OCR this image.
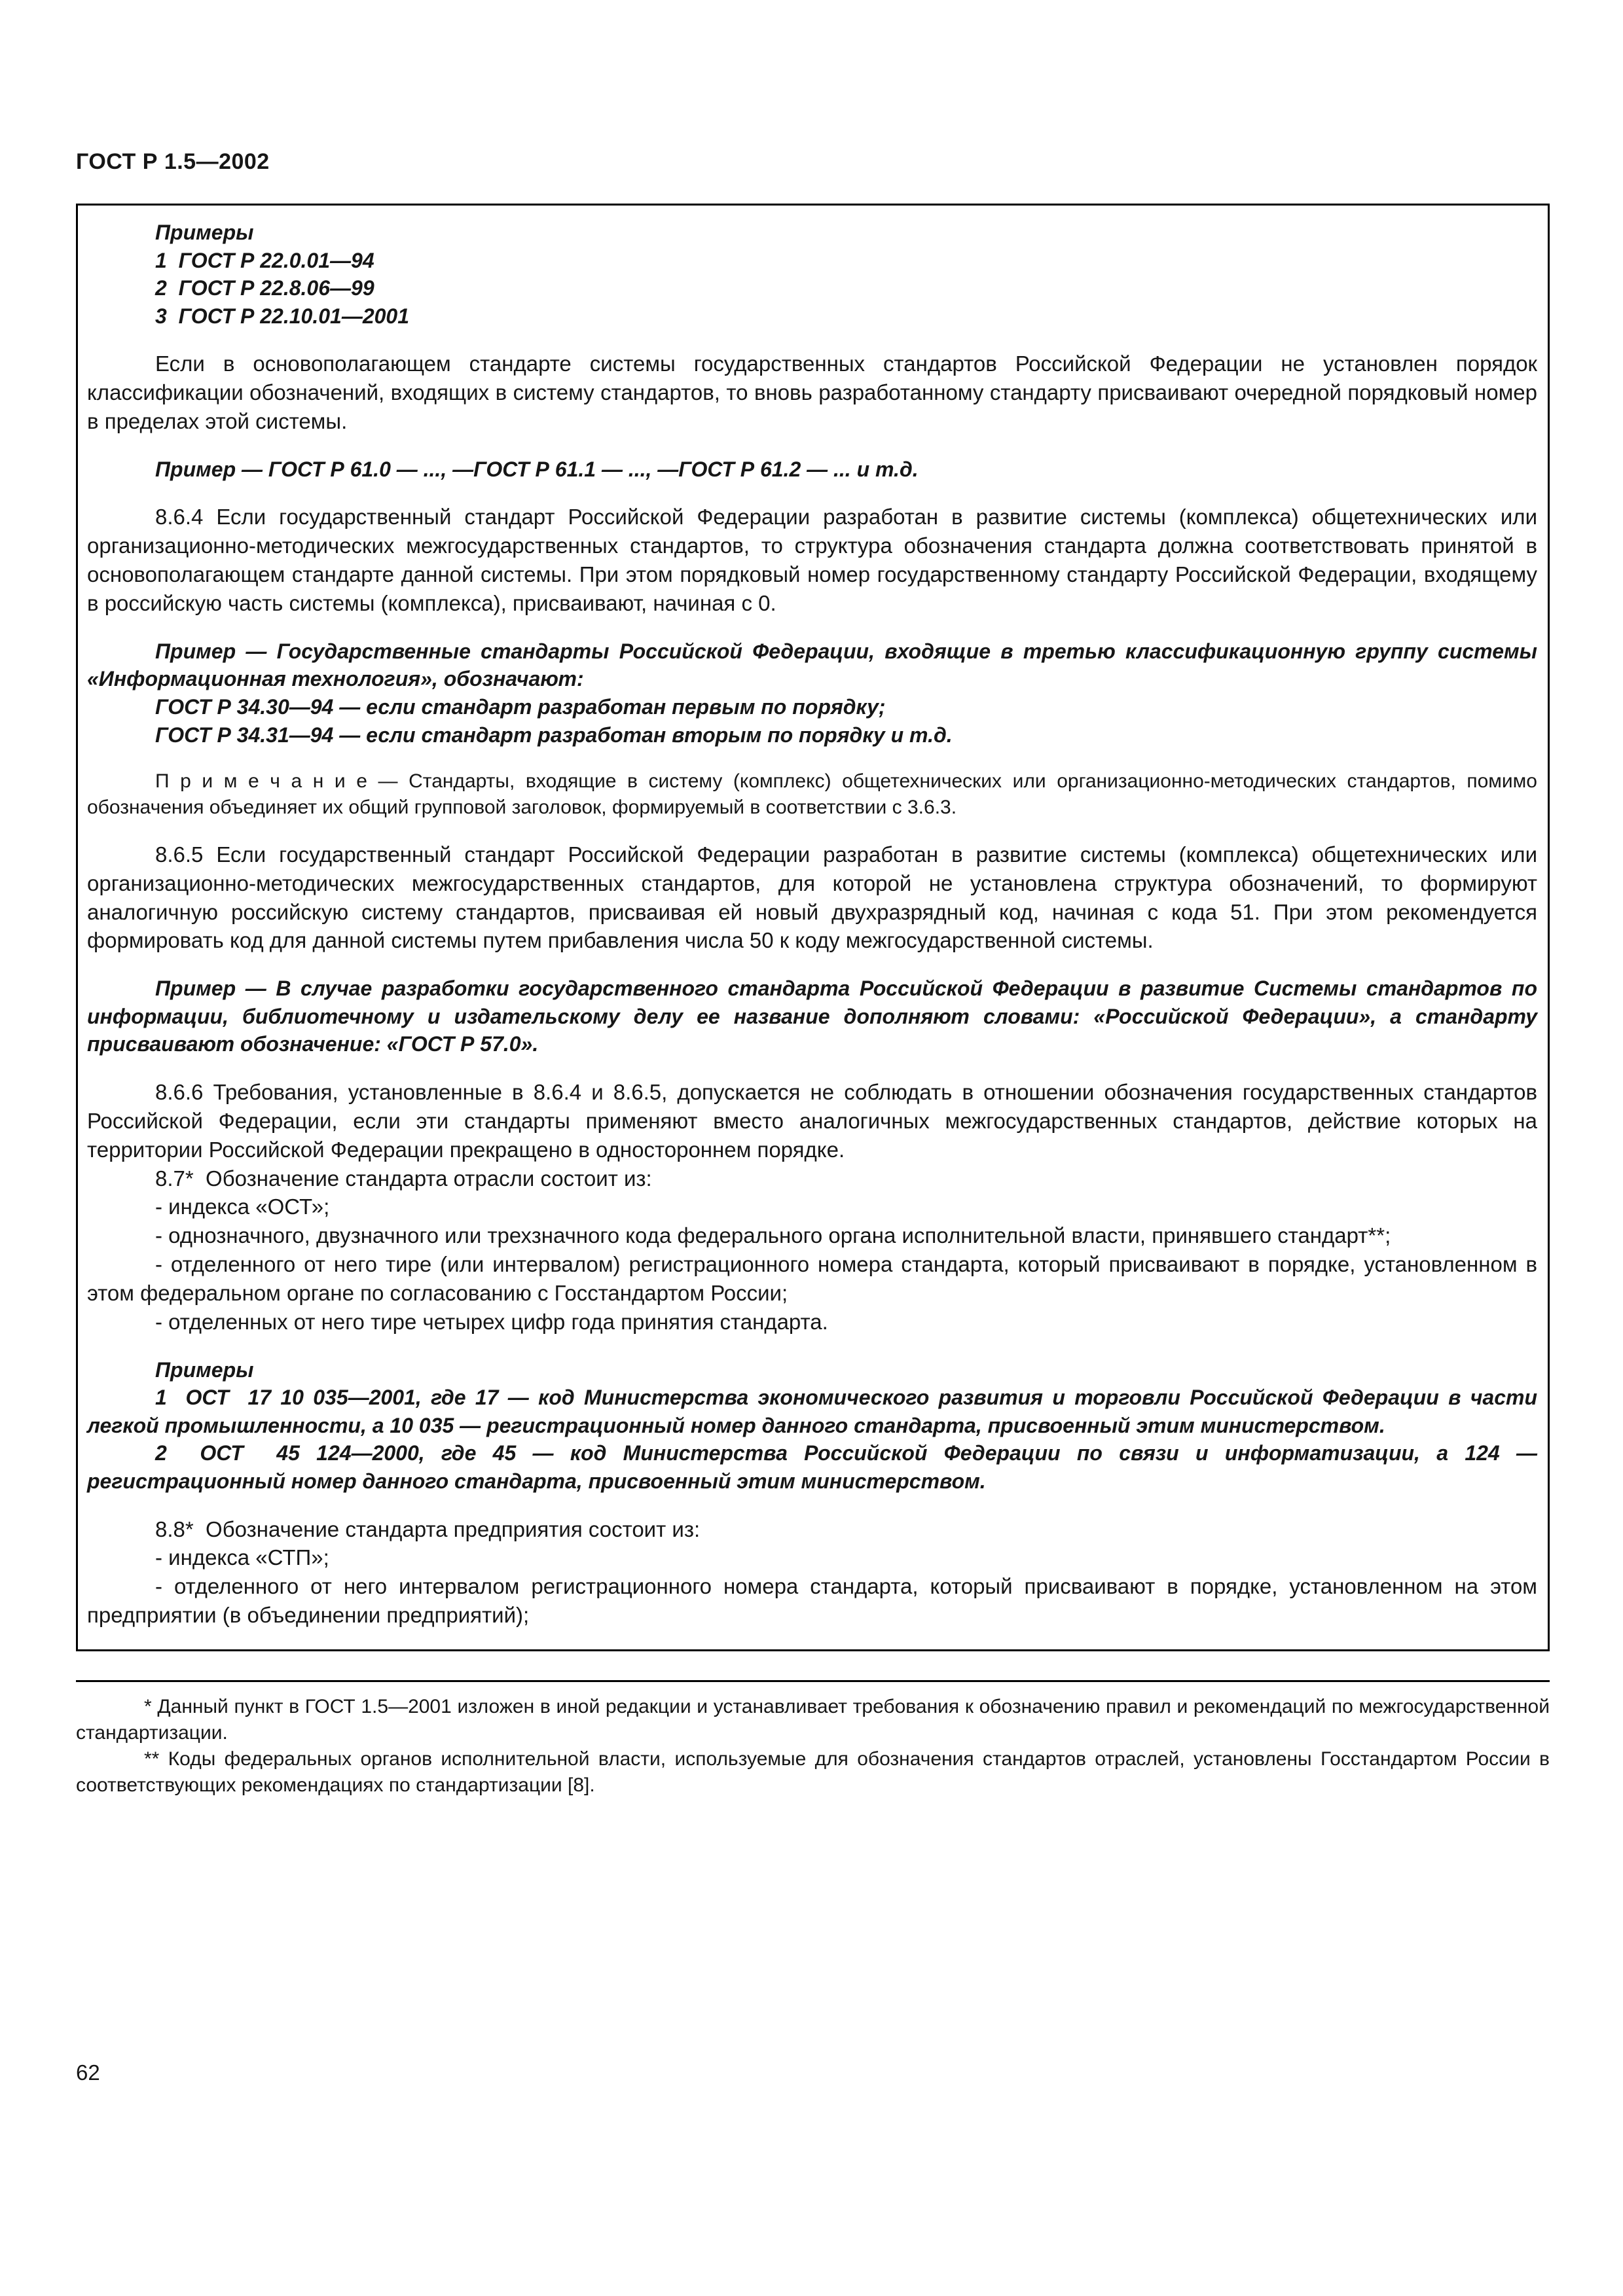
ГОСТ Р 1.5—2002

Примеры

1  ГОСТ Р 22.0.01—94

2  ГОСТ Р 22.8.06—99

3  ГОСТ Р 22.10.01—2001

Если в основополагающем стандарте системы государственных стандартов Российской Федерации не установлен порядок классификации обозначений, входящих в систему стандартов, то вновь разработанному стандарту присваивают очередной порядковый номер в пределах этой системы.

Пример — ГОСТ Р 61.0 — ..., —ГОСТ Р 61.1 — ..., —ГОСТ Р 61.2 — ... и т.д.

8.6.4 Если государственный стандарт Российской Федерации разработан в развитие системы (комплекса) общетехнических или организационно-методических межгосударственных стандартов, то структура обозначения стандарта должна соответствовать принятой в основополагающем стандарте данной системы. При этом порядковый номер государственному стандарту Российской Федерации, входящему в российскую часть системы (комплекса), присваивают, начиная с 0.

Пример — Государственные стандарты Российской Федерации, входящие в третью классификационную группу системы «Информационная технология», обозначают:

ГОСТ Р 34.30—94 — если стандарт разработан первым по порядку;

ГОСТ Р 34.31—94 — если стандарт разработан вторым по порядку и т.д.

П р и м е ч а н и е — Стандарты, входящие в систему (комплекс) общетехнических или организационно-методических стандартов, помимо обозначения объединяет их общий групповой заголовок, формируемый в соответствии с 3.6.3.

8.6.5 Если государственный стандарт Российской Федерации разработан в развитие системы (комплекса) общетехнических или организационно-методических межгосударственных стандартов, для которой не установлена структура обозначений, то формируют аналогичную российскую систему стандартов, присваивая ей новый двухразрядный код, начиная с кода 51. При этом рекомендуется формировать код для данной системы путем прибавления числа 50 к коду межгосударственной системы.

Пример — В случае разработки государственного стандарта Российской Федерации в развитие Системы стандартов по информации, библиотечному и издательскому делу ее название дополняют словами: «Российской Федерации», а стандарту присваивают обозначение: «ГОСТ Р 57.0».

8.6.6 Требования, установленные в 8.6.4 и 8.6.5, допускается не соблюдать в отношении обозначения государственных стандартов Российской Федерации, если эти стандарты применяют вместо аналогичных межгосударственных стандартов, действие которых на территории Российской Федерации прекращено в одностороннем порядке.

8.7*  Обозначение стандарта отрасли состоит из:

- индекса «ОСТ»;

- однозначного, двузначного или трехзначного кода федерального органа исполнительной власти, принявшего стандарт**;

- отделенного от него тире (или интервалом) регистрационного номера стандарта, который присваивают в порядке, установленном в этом федеральном органе по согласованию с Госстандартом России;

- отделенных от него тире четырех цифр года принятия стандарта.

Примеры

1  ОСТ  17 10 035—2001, где 17 — код Министерства экономического развития и торговли Российской Федерации в части легкой промышленности, а 10 035 — регистрационный номер данного стандарта, присвоенный этим министерством.

2  ОСТ  45 124—2000, где 45 — код Министерства Российской Федерации по связи и информатизации, а 124 — регистрационный номер данного стандарта, присвоенный этим министерством.

8.8*  Обозначение стандарта предприятия состоит из:

- индекса «СТП»;

- отделенного от него интервалом регистрационного номера стандарта, который присваивают в порядке, установленном на этом предприятии (в объединении предприятий);

* Данный пункт в ГОСТ 1.5—2001 изложен в иной редакции и устанавливает требования к обозначению правил и рекомендаций по межгосударственной стандартизации.

** Коды федеральных органов исполнительной власти, используемые для обозначения стандартов отраслей, установлены Госстандартом России в соответствующих рекомендациях по стандартизации [8].

62
